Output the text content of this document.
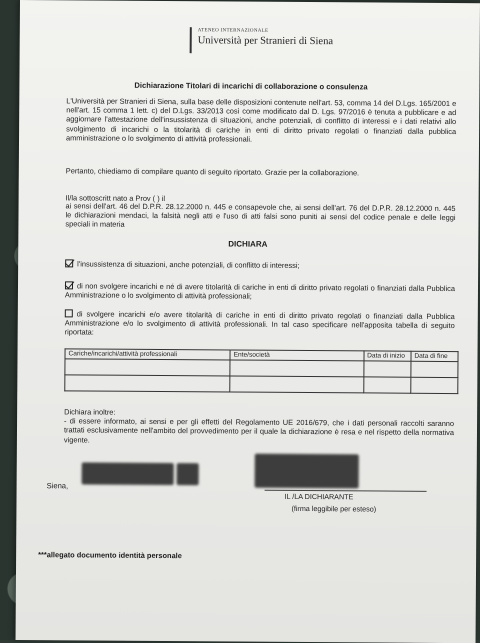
ATENEO INTERNAZIONALE
Università per Stranieri di Siena
Dichiarazione Titolari di incarichi di collaborazione o consulenza
L'Università per Stranieri di Siena, sulla base delle disposizioni contenute nell'art. 53, comma 14 del D.Lgs. 165/2001 e nell'art. 15 comma 1 lett. c) del D.Lgs. 33/2013 così come modificato dal D. Lgs. 97/2016 è tenuta a pubblicare e ad aggiornare l'attestazione dell'insussistenza di situazioni, anche potenziali, di conflitto di interessi e i dati relativi allo svolgimento di incarichi o la titolarità di cariche in enti di diritto privato regolati o finanziati dalla pubblica amministrazione o lo svolgimento di attività professionali.
Pertanto, chiediamo di compilare quanto di seguito riportato. Grazie per la collaborazione.
Il/la sottoscritt nato a Prov ( ) il
ai sensi dell'art. 46 del D.P.R. 28.12.2000 n. 445 e consapevole che, ai sensi dell'art. 76 del D.P.R. 28.12.2000 n. 445 le dichiarazioni mendaci, la falsità negli atti e l'uso di atti falsi sono puniti ai sensi del codice penale e delle leggi speciali in materia
DICHIARA
l'insussistenza di situazioni, anche potenziali, di conflitto di interessi;
di non svolgere incarichi e né di avere titolarità di cariche in enti di diritto privato regolati o finanziati dalla Pubblica Amministrazione o lo svolgimento di attività professionali;
di svolgere incarichi e/o avere titolarità di cariche in enti di diritto privato regolati o finanziati dalla Pubblica Amministrazione e/o lo svolgimento di attività professionali. In tal caso specificare nell'apposita tabella di seguito riportata:
Cariche/incarichi/attività professionali	Ente/società	Data di inizio	Data di fine

Dichiara inoltre:
- di essere informato, ai sensi e per gli effetti del Regolamento UE 2016/679, che i dati personali raccolti saranno trattati esclusivamente nell'ambito del provvedimento per il quale la dichiarazione è resa e nel rispetto della normativa vigente.
Siena,
IL /LA DICHIARANTE
(firma leggibile per esteso)
***allegato documento identità personale
